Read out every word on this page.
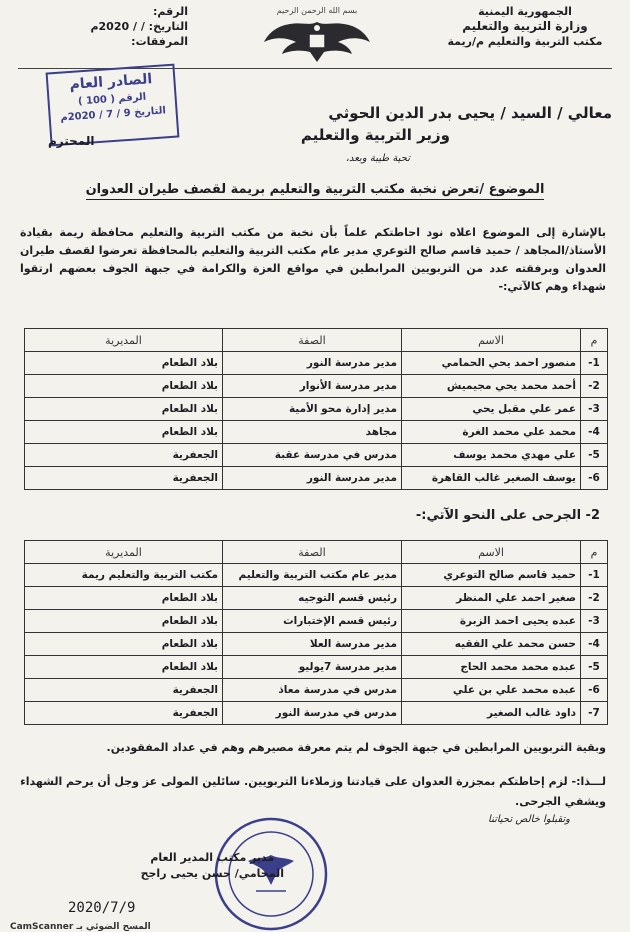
الجمهورية اليمنية
وزارة التربية والتعليم
مكتب التربية والتعليم م/ريمة
بسم الله الرحمن الرحيم
الرقم:
التاريخ: / / 2020م
المرفقات:
الصادر العام
الرقم ( 100 )
التاريخ 9 / 7 / 2020م
المحترم
معالي / السيد / يحيى بدر الدين الحوثي
وزير التربية والتعليم
تحية طيبة وبعد،
الموضوع /تعرض نخبة مكتب التربية والتعليم بريمة لقصف طيران العدوان
بالإشارة إلى الموضوع اعلاه نود احاطتكم علماً بأن نخبة من مكتب التربية والتعليم محافظة ريمة بقيادة الأستاذ/المجاهد / حميد قاسم صالح التوعري مدير عام مكتب التربية والتعليم بالمحافظة تعرضوا لقصف طيران العدوان وبرفقته عدد من التربويين المرابطين في مواقع العزة والكرامة في جبهة الجوف بعضهم ارتقوا شهداء وهم كالآتي:-
م	الاسم	الصفة	المديرية
1-	منصور احمد يحي الحمامي	مدير مدرسة النور	بلاد الطعام
2-	أحمد محمد يحي مجيميش	مدير مدرسة الأنوار	بلاد الطعام
3-	عمر علي مقبل يحي	مدير إدارة محو الأمية	بلاد الطعام
4-	محمد علي محمد الغرة	مجاهد	بلاد الطعام
5-	علي مهدي محمد يوسف	مدرس في مدرسة عقبة	الجعفرية
6-	يوسف الصغير غالب القاهرة	مدير مدرسة النور	الجعفرية
2- الجرحى على النحو الآتي:-
م	الاسم	الصفة	المديرية
1-	حميد قاسم صالح التوعري	مدير عام مكتب التربية والتعليم	مكتب التربية والتعليم ريمة
2-	صغير احمد علي المنظر	رئيس قسم التوجيه	بلاد الطعام
3-	عبده يحيى احمد الزبرة	رئيس قسم الإختبارات	بلاد الطعام
4-	حسن محمد علي الفقيه	مدير مدرسة العلا	بلاد الطعام
5-	عبده محمد محمد الحاج	مدير مدرسة 7يوليو	بلاد الطعام
6-	عبده محمد علي بن علي	مدرس في مدرسة معاذ	الجعفرية
7-	داود غالب الصغير	مدرس في مدرسة النور	الجعفرية
وبقية التربويين المرابطين في جبهة الجوف لم يتم معرفة مصيرهم وهم في عداد المفقودين.
لـــذا:- لزم إحاطتكم بمجزرة العدوان على قيادتنا وزملاءنا التربويين. سائلين المولى عز وجل أن يرحم الشهداء ويشفي الجرحى.
وتقبلوا خالص تحياتنا
مدير مكتب المدير العام
المحامي/ حسن يحيى راجح
2020/7/9
CamScanner المسح الضوئي بـ
